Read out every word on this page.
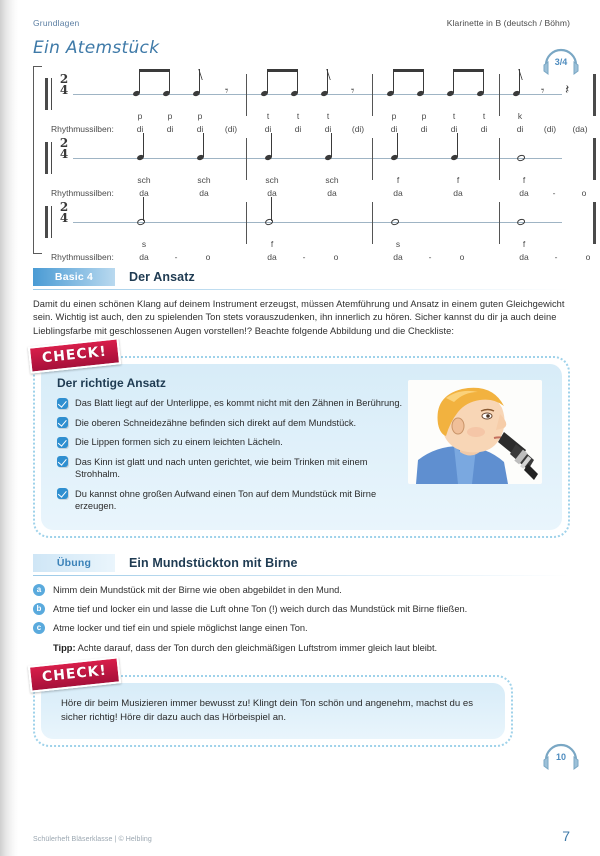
Grundlagen	Klarinette in B (deutsch / Böhm)
Ein Atemstück
3/4
2
4
Rhythmussilben:
𝄾	𝄾	𝄾 𝄽
p	p	p	t	t	t	p	p	t	t	k
di	di	di	(di)	di	di	di	(di)	di	di	di	di	di	(di)	(da)
2
4
Rhythmussilben:
sch	sch	sch	sch	f	f	f
da	da	da	da	da	da	da	-	o
2
4
Rhythmussilben:
s	f	s	f
da	-	o	da	-	o	da	-	o	da	-	o
Basic 4	Der Ansatz
Damit du einen schönen Klang auf deinem Instrument erzeugst, müssen Atemführung und Ansatz in einem guten Gleichgewicht sein. Wichtig ist auch, den zu spielenden Ton stets vorauszudenken, ihn innerlich zu hören. Sicher kannst du dir ja auch deine Lieblingsfarbe mit geschlossenen Augen vorstellen!? Beachte folgende Abbildung und die Checkliste:
CHECK!
Der richtige Ansatz
Das Blatt liegt auf der Unterlippe, es kommt nicht mit den Zähnen in Berührung.
Die oberen Schneidezähne befinden sich direkt auf dem Mundstück.
Die Lippen formen sich zu einem leichten Lächeln.
Das Kinn ist glatt und nach unten gerichtet, wie beim Trinken mit einem Strohhalm.
Du kannst ohne großen Aufwand einen Ton auf dem Mundstück mit Birne erzeugen.
Übung	Ein Mundstückton mit Birne
a	Nimm dein Mundstück mit der Birne wie oben abgebildet in den Mund.
b	Atme tief und locker ein und lasse die Luft ohne Ton (!) weich durch das Mundstück mit Birne fließen.
c	Atme locker und tief ein und spiele möglichst lange einen Ton.
Tipp: Achte darauf, dass der Ton durch den gleichmäßigen Luftstrom immer gleich laut bleibt.
CHECK!
Höre dir beim Musizieren immer bewusst zu! Klingt dein Ton schön und angenehm, machst du es sicher richtig! Höre dir dazu auch das Hörbeispiel an.
10
Schülerheft Bläserklasse | © Helbling	7
